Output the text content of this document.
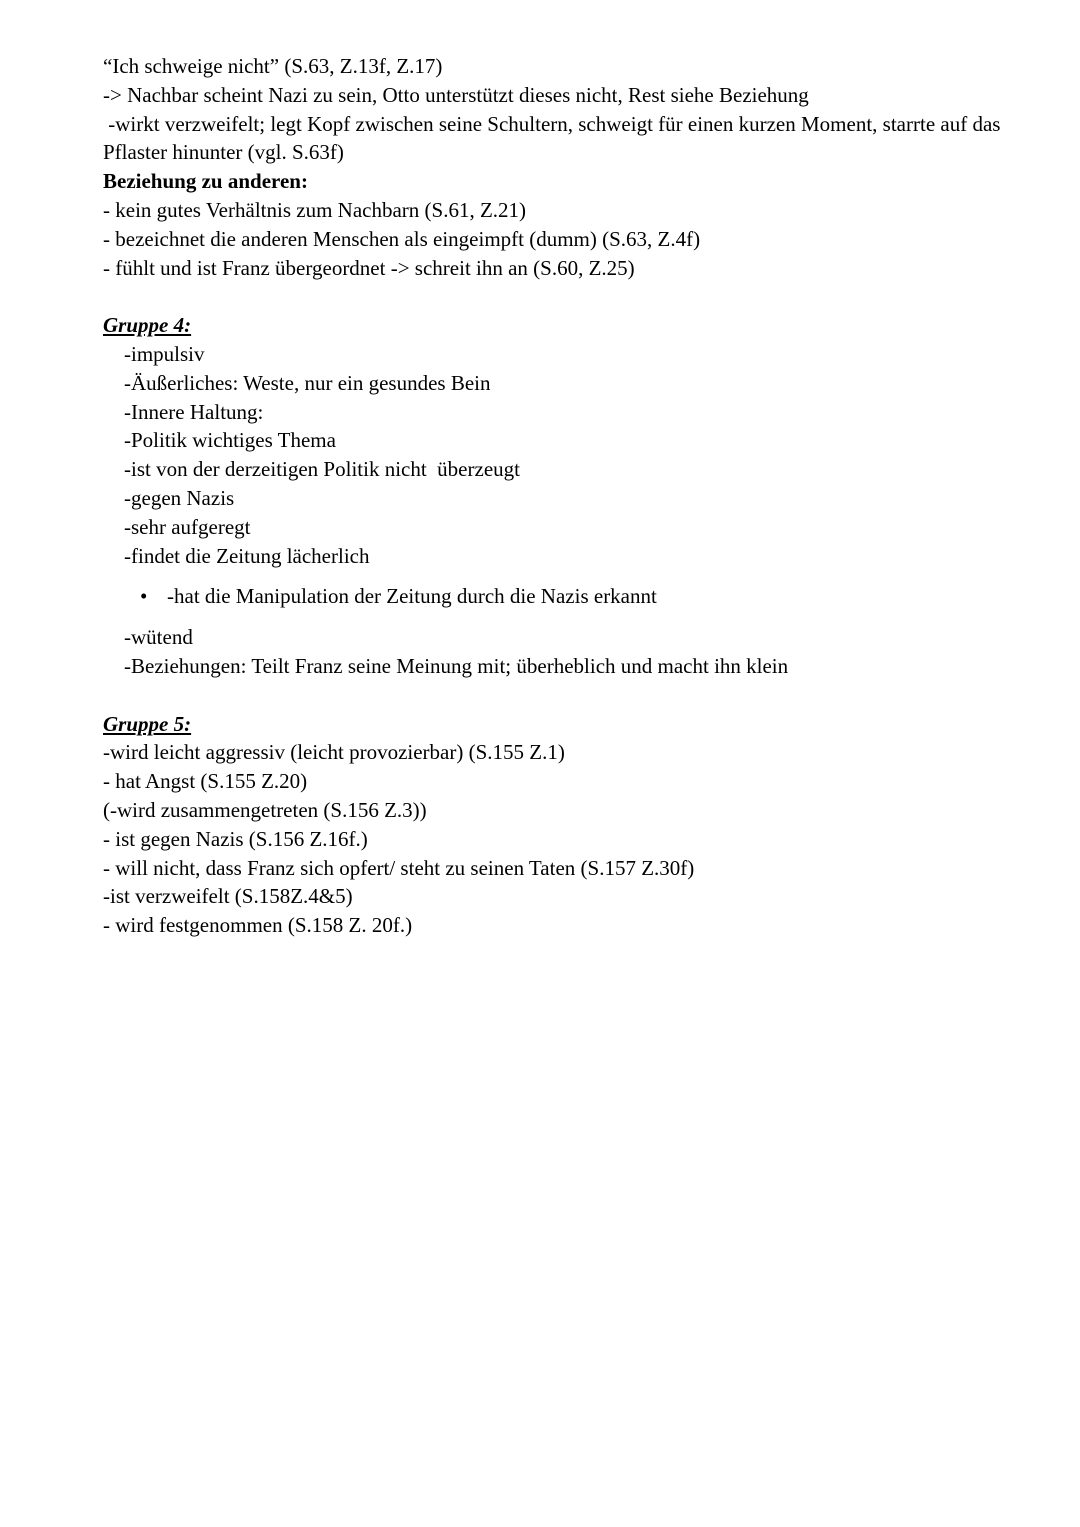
“Ich schweige nicht” (S.63, Z.13f, Z.17)

-> Nachbar scheint Nazi zu sein, Otto unterstützt dieses nicht, Rest siehe Beziehung

-wirkt verzweifelt; legt Kopf zwischen seine Schultern, schweigt für einen kurzen Moment, starrte auf das Pflaster hinunter (vgl. S.63f)

Beziehung zu anderen:

- kein gutes Verhältnis zum Nachbarn (S.61, Z.21)

- bezeichnet die anderen Menschen als eingeimpft (dumm) (S.63, Z.4f)

- fühlt und ist Franz übergeordnet -> schreit ihn an (S.60, Z.25)

Gruppe 4:

-impulsiv

-Äußerliches: Weste, nur ein gesundes Bein

-Innere Haltung:

-Politik wichtiges Thema

-ist von der derzeitigen Politik nicht  überzeugt

-gegen Nazis

-sehr aufgeregt

-findet die Zeitung lächerlich

• -hat die Manipulation der Zeitung durch die Nazis erkannt

-wütend

-Beziehungen: Teilt Franz seine Meinung mit; überheblich und macht ihn klein

Gruppe 5:

-wird leicht aggressiv (leicht provozierbar) (S.155 Z.1)

- hat Angst (S.155 Z.20)

(-wird zusammengetreten (S.156 Z.3))

- ist gegen Nazis (S.156 Z.16f.)

- will nicht, dass Franz sich opfert/ steht zu seinen Taten (S.157 Z.30f)

-ist verzweifelt (S.158Z.4&5)

- wird festgenommen (S.158 Z. 20f.)
